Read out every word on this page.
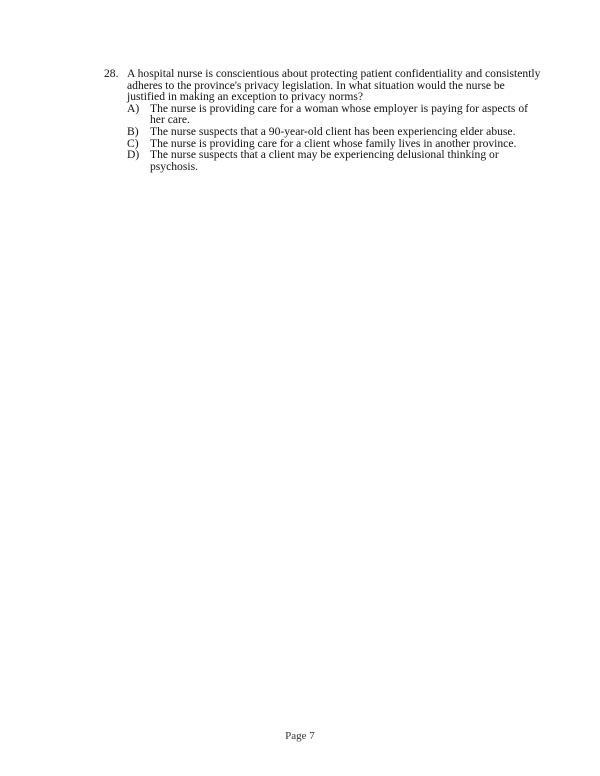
28. A hospital nurse is conscientious about protecting patient confidentiality and consistently adheres to the province's privacy legislation. In what situation would the nurse be justified in making an exception to privacy norms?
A) The nurse is providing care for a woman whose employer is paying for aspects of her care.
B) The nurse suspects that a 90-year-old client has been experiencing elder abuse.
C) The nurse is providing care for a client whose family lives in another province.
D) The nurse suspects that a client may be experiencing delusional thinking or psychosis.
Page 7
